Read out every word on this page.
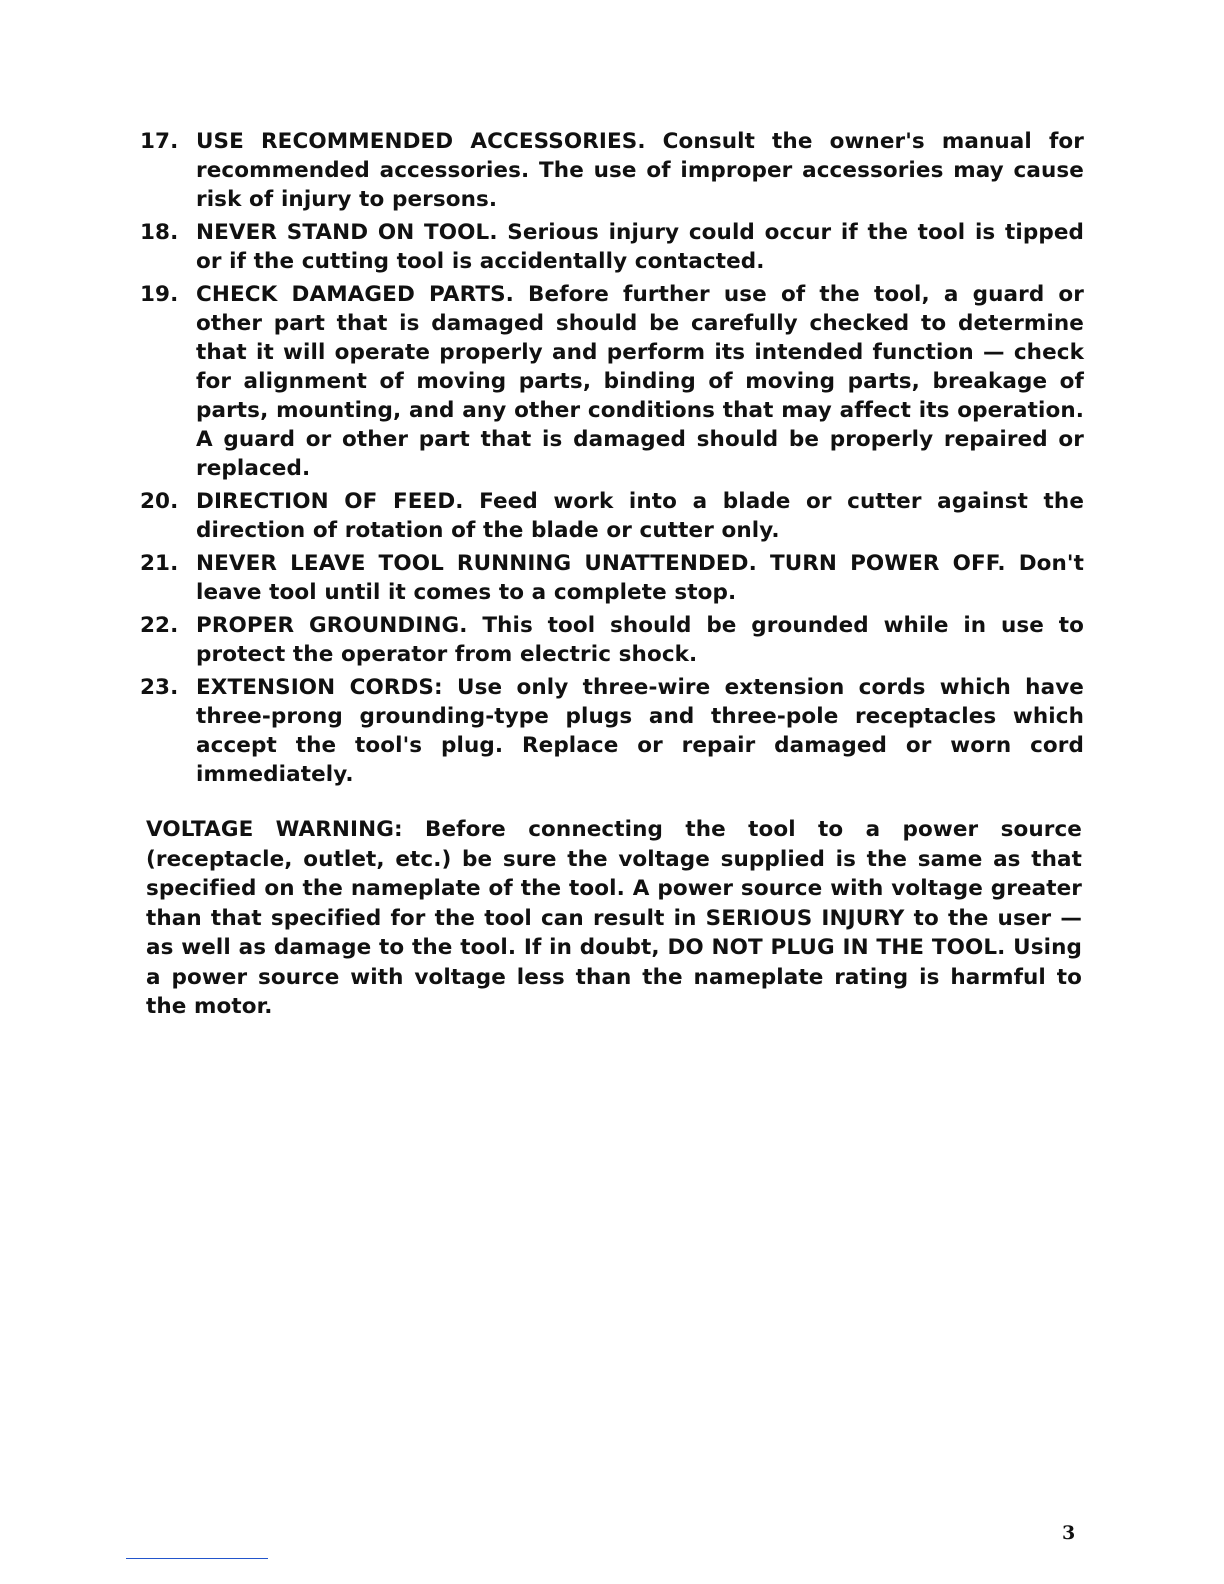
17. USE RECOMMENDED ACCESSORIES. Consult the owner's manual for recommended accessories. The use of improper accessories may cause risk of injury to persons.
18. NEVER STAND ON TOOL. Serious injury could occur if the tool is tipped or if the cutting tool is accidentally contacted.
19. CHECK DAMAGED PARTS. Before further use of the tool, a guard or other part that is damaged should be carefully checked to determine that it will operate properly and perform its intended function — check for alignment of moving parts, binding of moving parts, breakage of parts, mounting, and any other conditions that may affect its operation. A guard or other part that is damaged should be properly repaired or replaced.
20. DIRECTION OF FEED. Feed work into a blade or cutter against the direction of rotation of the blade or cutter only.
21. NEVER LEAVE TOOL RUNNING UNATTENDED. TURN POWER OFF. Don't leave tool until it comes to a complete stop.
22. PROPER GROUNDING. This tool should be grounded while in use to protect the operator from electric shock.
23. EXTENSION CORDS: Use only three-wire extension cords which have three-prong grounding-type plugs and three-pole receptacles which accept the tool's plug. Replace or repair damaged or worn cord immediately.

VOLTAGE WARNING: Before connecting the tool to a power source (receptacle, outlet, etc.) be sure the voltage supplied is the same as that specified on the nameplate of the tool. A power source with voltage greater than that specified for the tool can result in SERIOUS INJURY to the user — as well as damage to the tool. If in doubt, DO NOT PLUG IN THE TOOL. Using a power source with voltage less than the nameplate rating is harmful to the motor.

3
